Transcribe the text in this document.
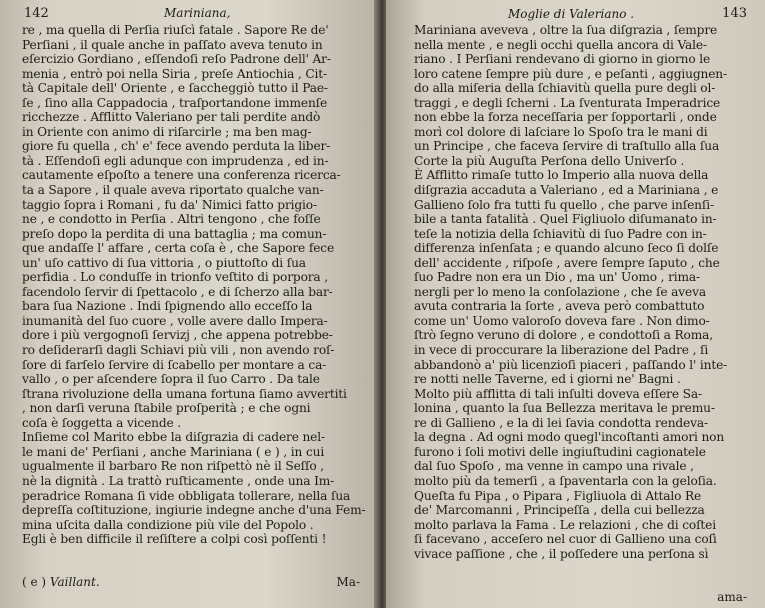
142	Mariniana,
re , ma quella di Perſia riuſcì fatale . Sapore Re de'
Perſiani , il quale anche in paſſato aveva tenuto in
eſercizio Gordiano , eſſendoſi reſo Padrone dell' Ar-
menia , entrò poi nella Siria , preſe Antiochia , Cit-
tà Capitale dell' Oriente , e ſaccheggiò tutto il Pae-
ſe , ſino alla Cappadocia , traſportandone immenſe
ricchezze . Afflitto Valeriano per tali perdite andò
in Oriente con animo di riſarcirle ; ma ben mag-
giore fu quella , ch' e' fece avendo perduta la liber-
tà . Eſſendoſi egli adunque con imprudenza , ed in-
cautamente eſpoſto a tenere una conferenza ricerca-
ta a Sapore , il quale aveva riportato qualche van-
taggio ſopra i Romani , fu da' Nimici fatto prigio-
ne , e condotto in Perſia . Altri tengono , che foſſe
preſo dopo la perdita di una battaglia ; ma comun-
que andaſſe l' affare , certa coſa è , che Sapore fece
un' uſo cattivo di ſua vittoria , o piuttoſto di ſua
perfidia . Lo conduſſe in trionfo veſtito di porpora ,
facendolo ſervir di ſpettacolo , e di ſcherzo alla bar-
bara ſua Nazione . Indi ſpignendo allo ecceſſo la
inumanità del ſuo cuore , volle avere dallo Impera-
dore i più vergognoſi ſervizj , che appena potrebbe-
ro deſiderarſi dagli Schiavi più vili , non avendo roſ-
ſore di farſelo ſervire di ſcabello per montare a ca-
vallo , o per aſcendere ſopra il ſuo Carro . Da tale
ſtrana rivoluzione della umana fortuna ſiamo avvertiti
, non darſi veruna ſtabile proſperità ; e che ogni
coſa è ſoggetta a vicende .
Inſieme col Marito ebbe la diſgrazia di cadere nel-
le mani de' Perſiani , anche Mariniana ( e ) , in cui
ugualmente il barbaro Re non riſpettò nè il Seſſo ,
nè la dignità . La trattò ruſticamente , onde una Im-
peradrice Romana ſi vide obbligata tollerare, nella ſua
depreſſa coſtituzione, ingiurie indegne anche d'una Fem-
mina uſcita dalla condizione più vile del Popolo .
Egli è ben difficile il reſiſtere a colpi così poſſenti !
( e ) Vaillant.	Ma-
Moglie di Valeriano .	143
Mariniana aveveva , oltre la ſua diſgrazia , ſempre
nella mente , e negli occhi quella ancora di Vale-
riano . I Perſiani rendevano di giorno in giorno le
loro catene ſempre più dure , e peſanti , aggiugnen-
do alla miſeria della ſchiavitù quella pure degli ol-
traggi , e degli ſcherni . La ſventurata Imperadrice
non ebbe la forza neceſſaria per ſopportarli , onde
morì col dolore di laſciare lo Spoſo tra le mani di
un Principe , che faceva ſervire di traſtullo alla ſua
Corte la più Auguſta Perſona dello Univerſo .
È Afflitto rimaſe tutto lo Imperio alla nuova della
diſgrazia accaduta a Valeriano , ed a Mariniana , e
Gallieno ſolo fra tutti fu quello , che parve inſenſi-
bile a tanta fatalità . Quel Figliuolo diſumanato in-
teſe la notizia della ſchiavitù di ſuo Padre con in-
differenza inſenſata ; e quando alcuno ſeco ſi dolſe
dell' accidente , riſpoſe , avere ſempre ſaputo , che
ſuo Padre non era un Dio , ma un' Uomo , rima-
nergli per lo meno la conſolazione , che ſe aveva
avuta contraria la ſorte , aveva però combattuto
come un' Uomo valoroſo doveva fare . Non dimo-
ſtrò ſegno veruno di dolore , e condottoſi a Roma,
in vece di proccurare la liberazione del Padre , ſi
abbandonò a' più licenzioſi piaceri , paſſando l' inte-
re notti nelle Taverne, ed i giorni ne' Bagni .
Molto più afflitta di tali inſulti doveva eſſere Sa-
lonina , quanto la ſua Bellezza meritava le premu-
re di Gallieno , e la di lei ſavia condotta rendeva-
la degna . Ad ogni modo quegl'incoſtanti amori non
furono i ſoli motivi delle ingiuſtudini cagionatele
dal ſuo Spoſo , ma venne in campo una rivale ,
molto più da temerſi , a ſpaventarla con la geloſia.
Queſta fu Pipa , o Pipara , Figliuola di Attalo Re
de' Marcomanni , Principeſſa , della cui bellezza
molto parlava la Fama . Le relazioni , che di coſtei
ſi facevano , acceſero nel cuor di Gallieno una coſì
vivace paſſione , che , il poſſedere una perſona sì
ama-
